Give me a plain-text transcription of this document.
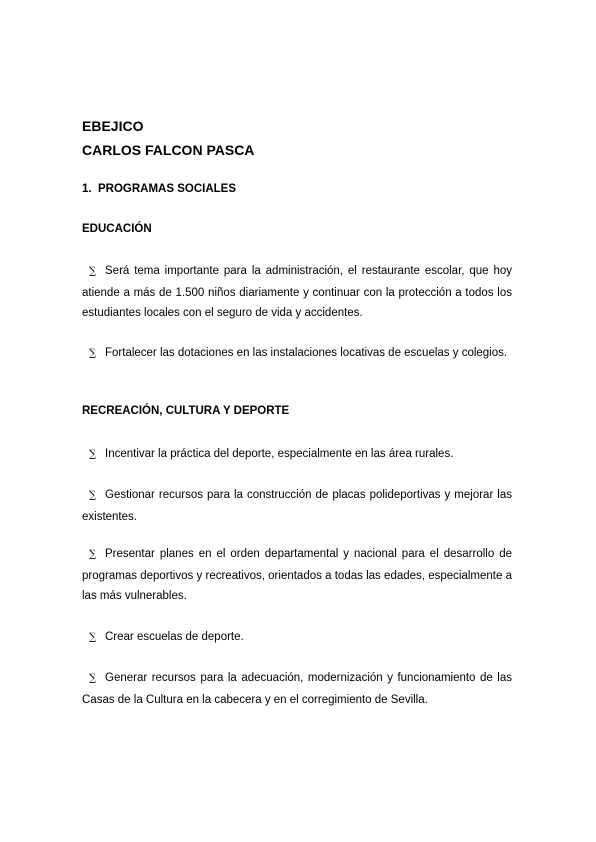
EBEJICO
CARLOS FALCON PASCA
1. PROGRAMAS SOCIALES
EDUCACIÓN
∑ Será tema importante para la administración, el restaurante escolar, que hoy atiende a más de 1.500 niños diariamente y continuar con la protección a todos los estudiantes locales con el seguro de vida y accidentes.
∑ Fortalecer las dotaciones en las instalaciones locativas de escuelas y colegios.
RECREACIÓN, CULTURA Y DEPORTE
∑ Incentivar la práctica del deporte, especialmente en las área rurales.
∑ Gestionar recursos para la construcción de placas polideportivas y mejorar las existentes.
∑ Presentar planes en el orden departamental y nacional para el desarrollo de programas deportivos y recreativos, orientados a todas las edades, especialmente a las más vulnerables.
∑ Crear escuelas de deporte.
∑ Generar recursos para la adecuación, modernización y funcionamiento de las Casas de la Cultura en la cabecera y en el corregimiento de Sevilla.
